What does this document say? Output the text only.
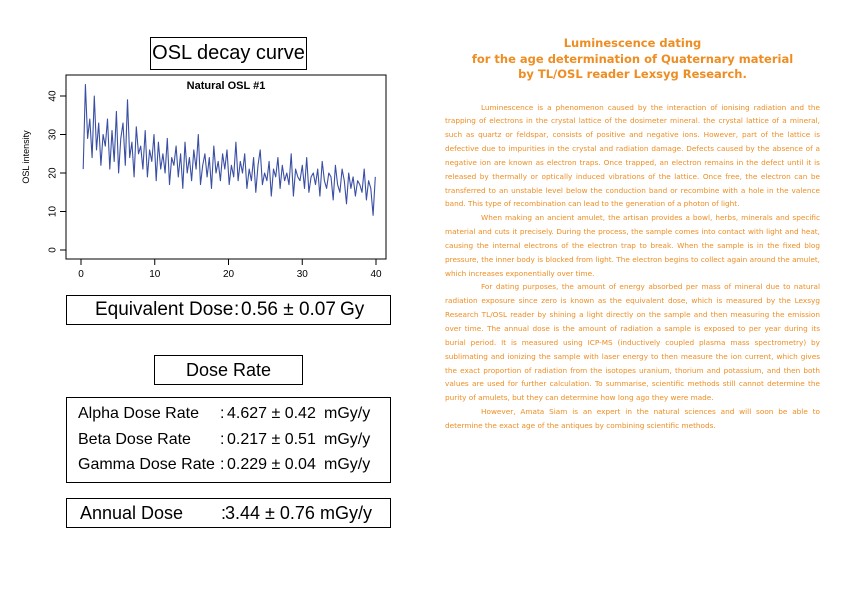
OSL decay curve
0	10	20	30	40
0
10
20
30
40
OSL intensity
Natural OSL #1
Equivalent Dose : 0.56 ± 0.07 Gy
Dose Rate
Alpha Dose Rate : 4.627 ± 0.42 mGy/y
Beta Dose Rate : 0.217 ± 0.51 mGy/y
Gamma Dose Rate : 0.229 ± 0.04 mGy/y
Annual Dose :
3.44 ± 0.76 mGy/y
Luminescence dating
for the age determination of Quaternary material
by TL/OSL reader Lexsyg Research.

Luminescence is a phenomenon caused by the interaction of ionising radiation and the trapping of electrons in the crystal lattice of the dosimeter mineral. the crystal lattice of a mineral, such as quartz or feldspar, consists of positive and negative ions. However, part of the lattice is defective due to impurities in the crystal and radiation damage. Defects caused by the absence of a negative ion are known as electron traps. Once trapped, an electron remains in the defect until it is released by thermally or optically induced vibrations of the lattice. Once free, the electron can be transferred to an unstable level below the conduction band or recombine with a hole in the valence band. This type of recombination can lead to the generation of a photon of light.

When making an ancient amulet, the artisan provides a bowl, herbs, minerals and specific material and cuts it precisely. During the process, the sample comes into contact with light and heat, causing the internal electrons of the electron trap to break. When the sample is in the fixed blog pressure, the inner body is blocked from light. The electron begins to collect again around the amulet, which increases exponentially over time.

For dating purposes, the amount of energy absorbed per mass of mineral due to natural radiation exposure since zero is known as the equivalent dose, which is measured by the Lexsyg Research TL/OSL reader by shining a light directly on the sample and then measuring the emission over time. The annual dose is the amount of radiation a sample is exposed to per year during its burial period. It is measured using ICP-MS (inductively coupled plasma mass spectrometry) by sublimating and ionizing the sample with laser energy to then measure the ion current, which gives the exact proportion of radiation from the isotopes uranium, thorium and potassium, and then both values are used for further calculation. To summarise, scientific methods still cannot determine the purity of amulets, but they can determine how long ago they were made.

However, Amata Siam is an expert in the natural sciences and will soon be able to determine the exact age of the antiques by combining scientific methods.
